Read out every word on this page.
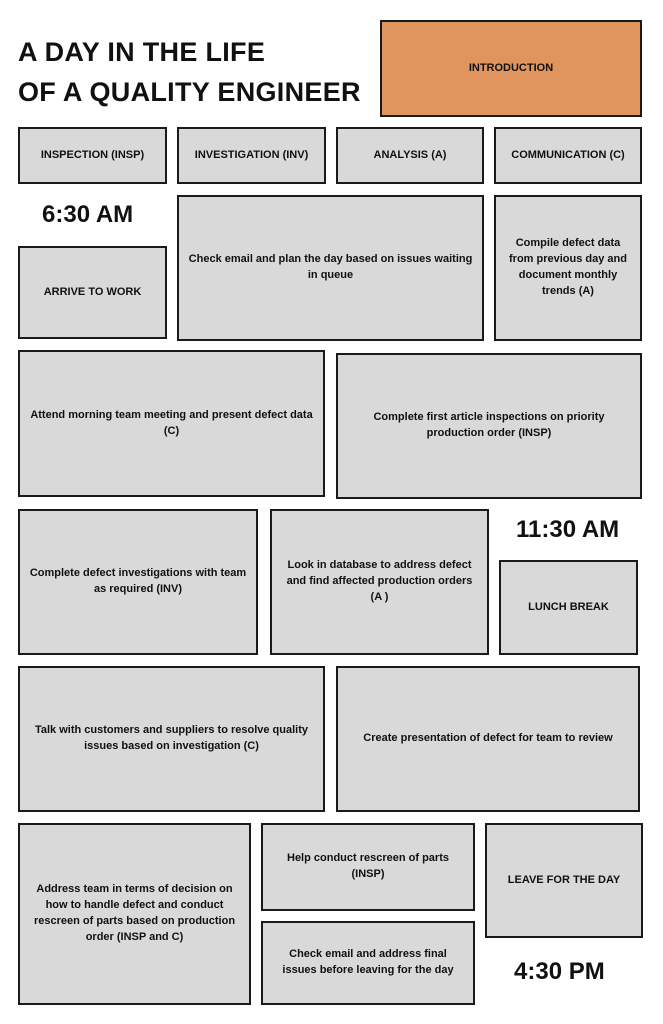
A DAY IN THE LIFE
OF A QUALITY ENGINEER
INTRODUCTION
INSPECTION (INSP)	INVESTIGATION (INV)	ANALYSIS (A)	COMMUNICATION (C)
6:30 AM
ARRIVE TO WORK
Check email and plan the day based on issues waiting in queue
Compile defect data from previous day and document monthly trends (A)
Attend morning team meeting and present defect data (C)
Complete first article inspections on priority production order (INSP)
Complete defect investigations with team as required (INV)
Look in database to address defect and find affected production orders (A )
11:30 AM
LUNCH BREAK
Talk with customers and suppliers to resolve quality issues based on investigation (C)
Create presentation of defect for team to review
Address team in terms of decision on how to handle defect and conduct rescreen of parts based on production order (INSP and C)
Help conduct rescreen of parts (INSP)	LEAVE FOR THE DAY
Check email and address final issues before leaving for the day	4:30 PM
